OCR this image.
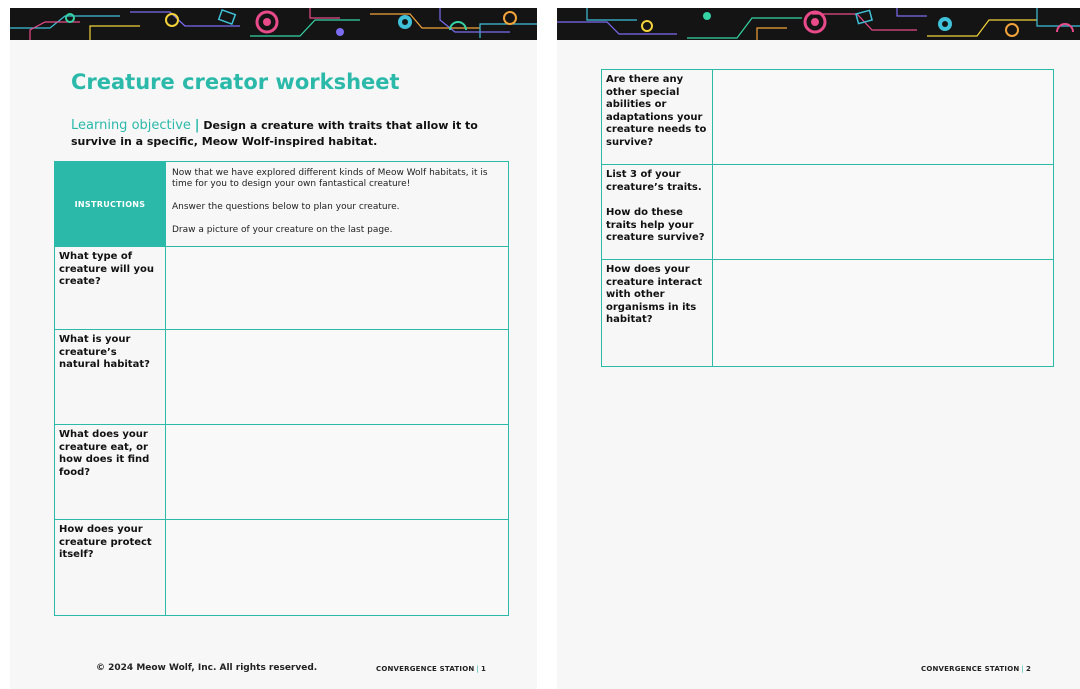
Creature creator worksheet
Learning objective | Design a creature with traits that allow it to survive in a specific, Meow Wolf-inspired habitat.
INSTRUCTIONS	Now that we have explored different kinds of Meow Wolf habitats, it is time for you to design your own fantastical creature!

Answer the questions below to plan your creature.

Draw a picture of your creature on the last page.

What type of creature will you create?	
What is your creature’s natural habitat?	
What does your creature eat, or how does it find food?	
How does your creature protect itself?	
© 2024 Meow Wolf, Inc. All rights reserved.	CONVERGENCE STATION | 1
Are there any other special abilities or adaptations your creature needs to survive?	

List 3 of your creature’s traits.
How do these traits help your creature survive?	

How does your creature interact with other organisms in its habitat?	
CONVERGENCE STATION | 2
